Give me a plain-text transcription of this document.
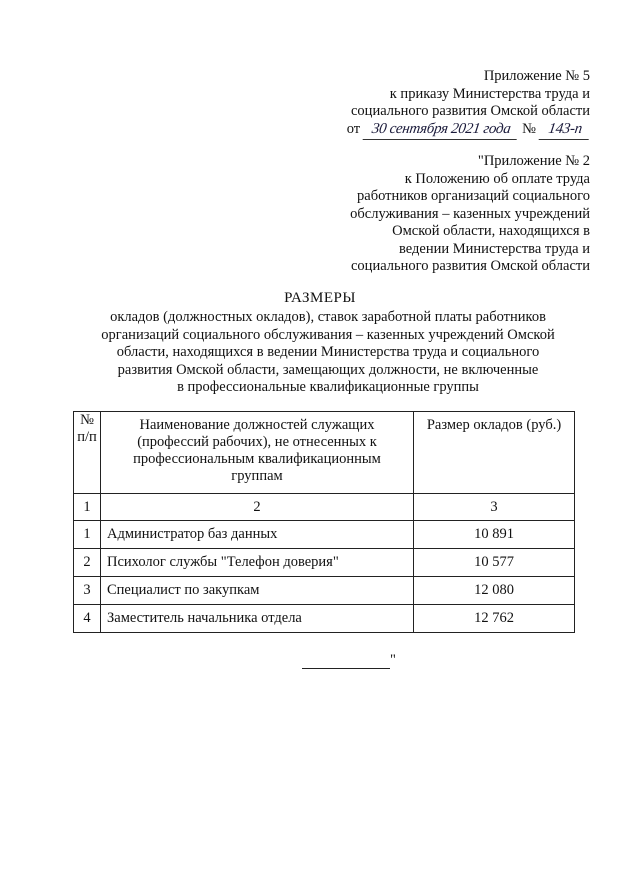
Приложение № 5
к приказу Министерства труда и
социального развития Омской области
от 30 сентября 2021 года № 143-п
"Приложение № 2
к Положению об оплате труда
работников организаций социального
обслуживания – казенных учреждений
Омской области, находящихся в
ведении Министерства труда и
социального развития Омской области
РАЗМЕРЫ
окладов (должностных окладов), ставок заработной платы работников
организаций социального обслуживания – казенных учреждений Омской
области, находящихся в ведении Министерства труда и социального
развития Омской области, замещающих должности, не включенные
в профессиональные квалификационные группы
№ п/п	Наименование должностей служащих (профессий рабочих), не отнесенных к профессиональным квалификационным группам	Размер окладов (руб.)
1	2	3
1	Администратор баз данных	10 891
2	Психолог службы "Телефон доверия"	10 577
3	Специалист по закупкам	12 080
4	Заместитель начальника отдела	12 762
"
